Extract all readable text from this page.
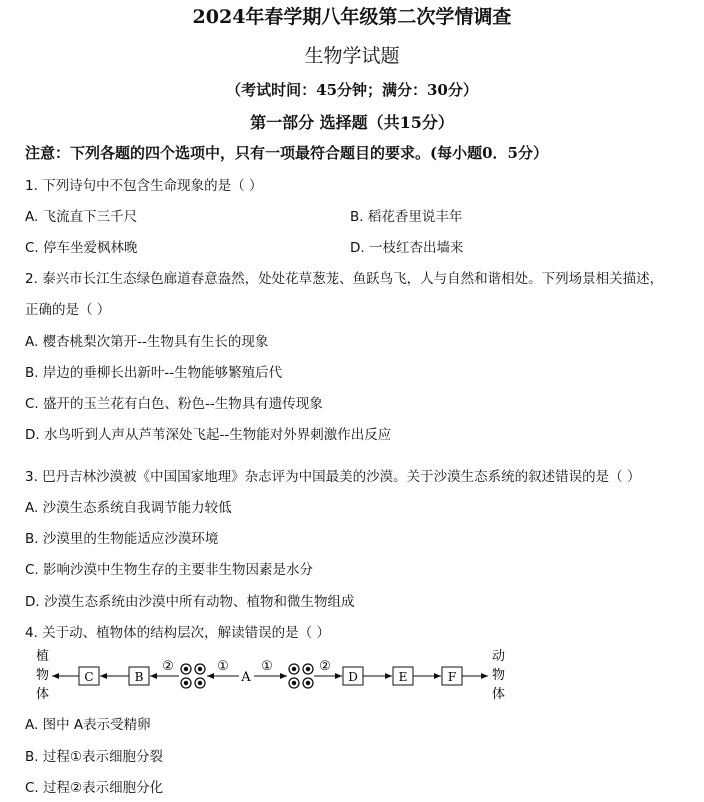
2024年春学期八年级第二次学情调查
生物学试题
（考试时间：45分钟；满分：30分）
第一部分 选择题（共15分）
注意：下列各题的四个选项中，只有一项最符合题目的要求。(每小题0．5分）
1. 下列诗句中不包含生命现象的是（ ）
A. 飞流直下三千尺	B. 稻花香里说丰年
C. 停车坐爱枫林晚	D. 一枝红杏出墙来
2. 泰兴市长江生态绿色廊道春意盎然，处处花草葱茏、鱼跃鸟飞，人与自然和谐相处。下列场景相关描述，
正确的是（ ）
A. 樱杏桃梨次第开--生物具有生长的现象
B. 岸边的垂柳长出新叶--生物能够繁殖后代
C. 盛开的玉兰花有白色、粉色--生物具有遗传现象
D. 水鸟听到人声从芦苇深处飞起--生物能对外界刺激作出反应
3. 巴丹吉林沙漠被《中国国家地理》杂志评为中国最美的沙漠。关于沙漠生态系统的叙述错误的是（ ）
A. 沙漠生态系统自我调节能力较低
B. 沙漠里的生物能适应沙漠环境
C. 影响沙漠中生物生存的主要非生物因素是水分
D. 沙漠生态系统由沙漠中所有动物、植物和微生物组成
4. 关于动、植物体的结构层次，解读错误的是（ ）
植
物
体
动
物
体
C	B	D	E	F
A
②	① ①	②
A. 图中 A表示受精卵
B. 过程①表示细胞分裂
C. 过程②表示细胞分化
